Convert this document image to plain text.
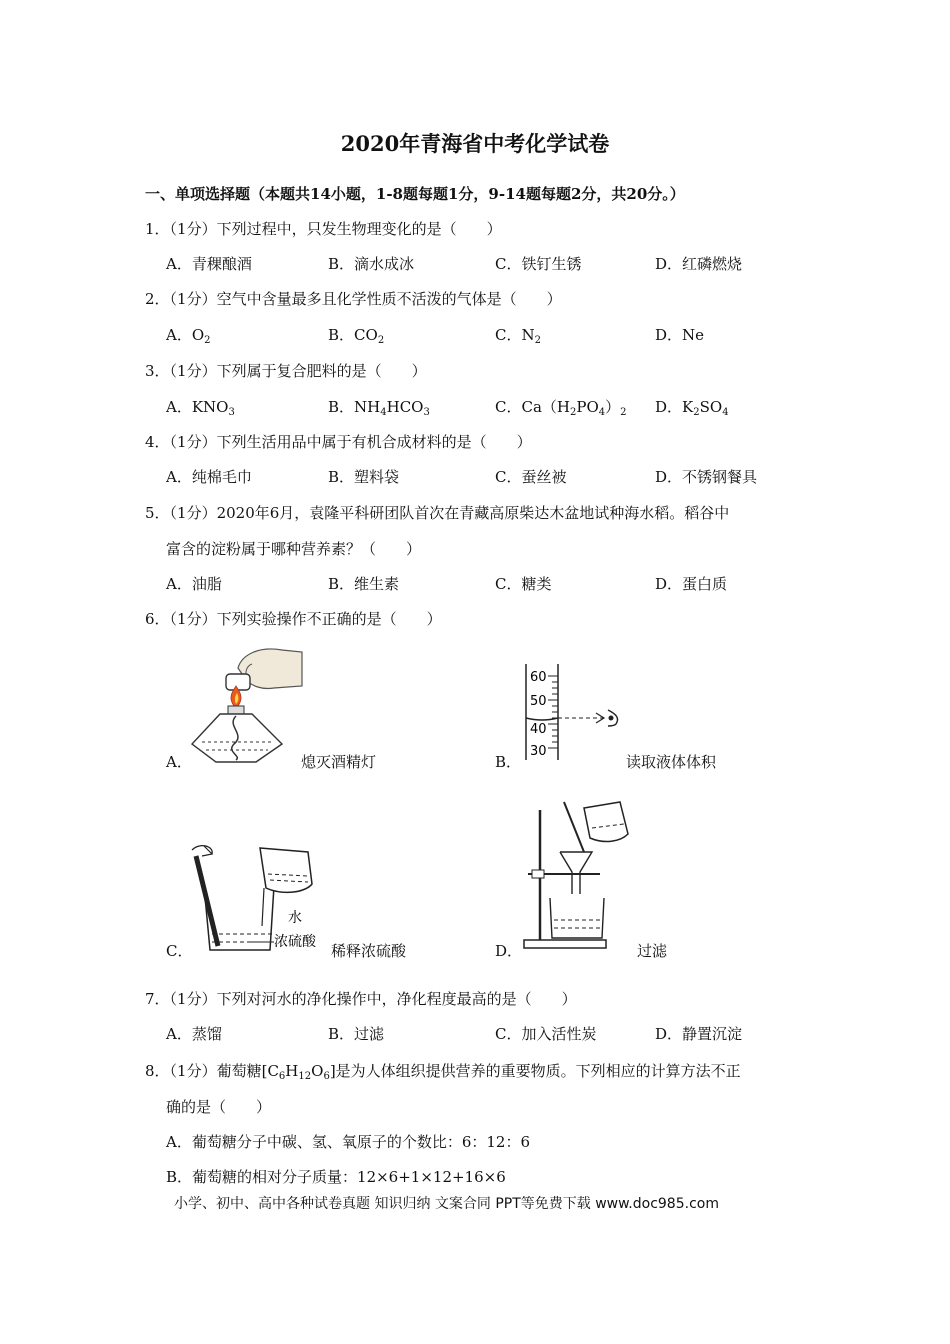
2020年青海省中考化学试卷
一、单项选择题（本题共14小题，1-8题每题1分，9-14题每题2分，共20分。）
1．（1分）下列过程中，只发生物理变化的是（　　）
A．青稞酿酒	B．滴水成冰	C．铁钉生锈	D．红磷燃烧
2．（1分）空气中含量最多且化学性质不活泼的气体是（　　）
A．$O_2$	B．$CO_2$	C．$N_2$	D．Ne
3．（1分）下列属于复合肥料的是（　　）
A．$KNO_3$	B．$NH_4HCO_3$	C．$Ca(H_2PO_4)_2$ D．$K_2SO_4$
4．（1分）下列生活用品中属于有机合成材料的是（　　）
A．纯棉毛巾	B．塑料袋	C．蚕丝被	D．不锈钢餐具
5．（1分）2020年6月，袁隆平科研团队首次在青藏高原柴达木盆地试种海水稻。稻谷中
富含的淀粉属于哪种营养素？（　　）
A．油脂	B．维生素	C．糖类	D．蛋白质
6．（1分）下列实验操作不正确的是（　　）
A．	熄灭酒精灯	B．
60
50
40
30
读取液体体积
C．
水
浓硫酸 稀释浓硫酸	D．	过滤
7．（1分）下列对河水的净化操作中，净化程度最高的是（　　）
A．蒸馏	B．过滤	C．加入活性炭	D．静置沉淀
8．（1分）葡萄糖$[C_6H_{12}O_6]$是为人体组织提供营养的重要物质。下列相应的计算方法不正
确的是（　　）
A．葡萄糖分子中碳、氢、氧原子的个数比：6：12：6
B．葡萄糖的相对分子质量：12×6+1×12+16×6
小学、初中、高中各种试卷真题 知识归纳 文案合同 PPT等免费下载 www.doc985.com
